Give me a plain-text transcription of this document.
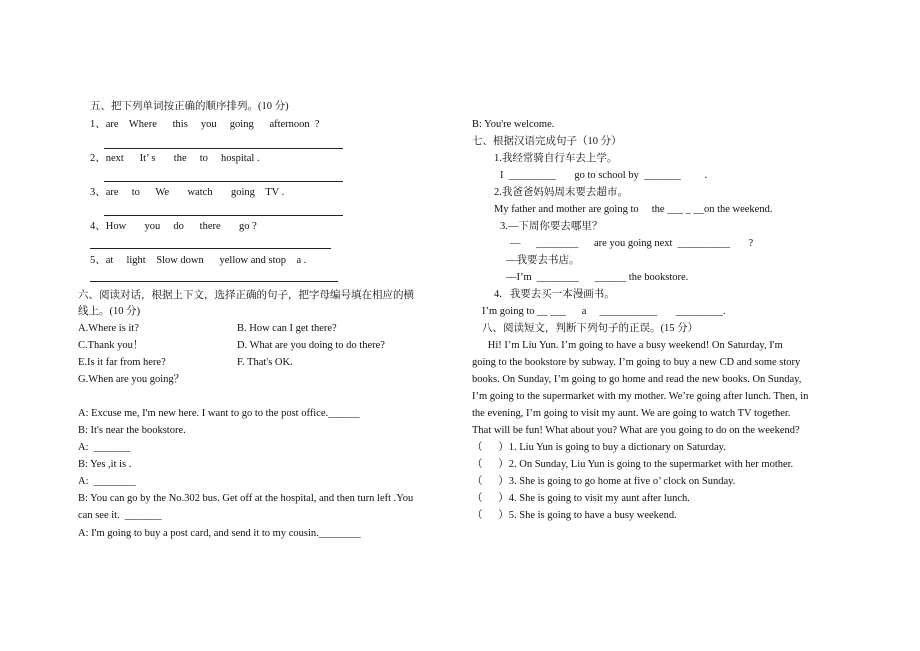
五、把下列单词按正确的顺序排列。(10 分)
1、are    Where      this     you     going      afternoon  ?
2、next      It’ s       the     to     hospital .
3、are     to      We       watch       going    TV .
4、How       you     do      there       go ?
5、at     light    Slow down      yellow and stop    a .
六、阅读对话，根据上下文，选择正确的句子，把字母编号填在相应的横
线上。(10 分)
A.Where is it?	B. How can I get there?
C.Thank you！	D. What are you doing to do there?
E.Is it far from here?	F. That's OK.
G.When are you going？
A: Excuse me, I'm new here. I want to go to the post office.______
B: It's near the bookstore.
A:  _______
B: Yes ,it is .
A:  ________
B: You can go by the No.302 bus. Get off at the hospital, and then turn left .You
can see it.  _______
A: I'm going to buy a post card, and send it to my cousin.________
B: You're welcome.
七、根据汉语完成句子（10 分）
1.我经常骑自行车去上学。
I  _________       go to school by  _______         .
2.我爸爸妈妈周末要去超市。
My father and mother are going to     the ___ _ __on the weekend.
3.—下周你要去哪里？
—      ________      are you going next  __________       ?
—我要去书店。
—I’m  ________      ______ the bookstore.
4.   我要去买一本漫画书。
I’m going to __ ___      a     ___________       _________.
八、阅读短文，判断下列句子的正误。(15 分）
Hi! I’m Liu Yun. I’m going to have a busy weekend! On Saturday, I'm
going to the bookstore by subway. I’m going to buy a new CD and some story
books. On Sunday, I’m going to go home and read the new books. On Sunday,
I’m going to the supermarket with my mother. We’re going after lunch. Then, in
the evening, I’m going to visit my aunt. We are going to watch TV together.
That will be fun! What about you? What are you going to do on the weekend?
（      ）1. Liu Yun is going to buy a dictionary on Saturday.
（      ）2. On Sunday, Liu Yun is going to the supermarket with her mother.
（      ）3. She is going to go home at five o’ clock on Sunday.
（      ）4. She is going to visit my aunt after lunch.
（      ）5. She is going to have a busy weekend.
